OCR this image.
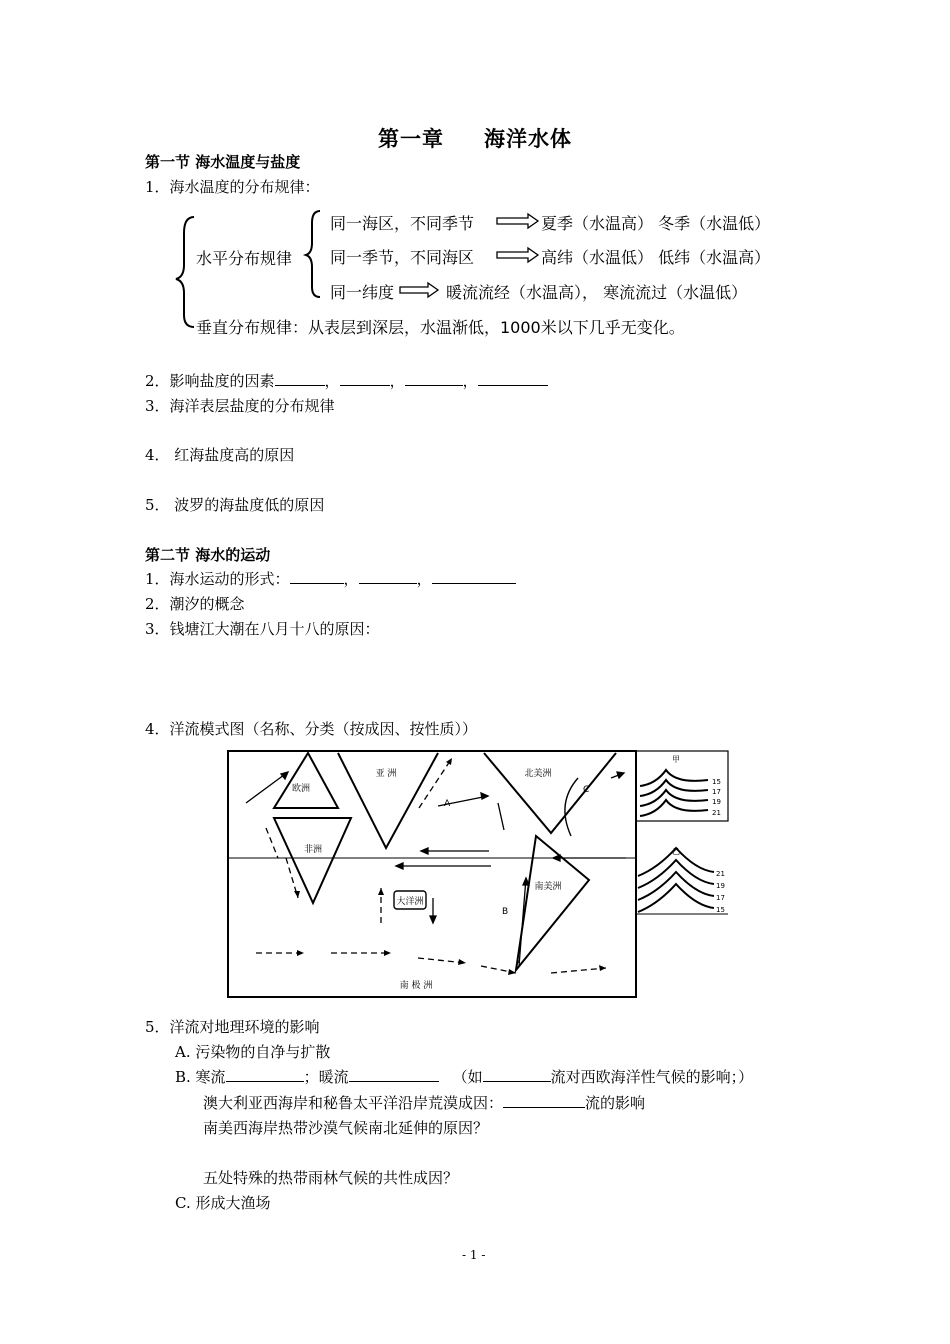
第一章 海洋水体
第一节 海水温度与盐度
1．海水温度的分布规律：
水平分布规律
同一海区，不同季节	夏季（水温高） 冬季（水温低）
同一季节，不同海区	高纬（水温低） 低纬（水温高）
同一纬度	暖流流经（水温高）， 寒流流过（水温低）
垂直分布规律：从表层到深层，水温渐低，1000米以下几乎无变化。
2．影响盐度的因素	，	，	，
3．海洋表层盐度的分布规律
4． 红海盐度高的原因
5． 波罗的海盐度低的原因
第二节 海水的运动
1．海水运动的形式：	，	，
2．潮汐的概念
3．钱塘江大潮在八月十八的原因：
4．洋流模式图（名称、分类（按成因、按性质））
欧洲
亚 洲	北美洲
非洲
南美洲
大洋洲
南 极 洲
A
B
C
甲
15
17
19
21
乙
21
19
17
15
5．洋流对地理环境的影响
A. 污染物的自净与扩散
B. 寒流	；暖流	（如	流对西欧海洋性气候的影响；）
澳大利亚西海岸和秘鲁太平洋沿岸荒漠成因：	流的影响
南美西海岸热带沙漠气候南北延伸的原因？
五处特殊的热带雨林气候的共性成因？
C. 形成大渔场
- 1 -
